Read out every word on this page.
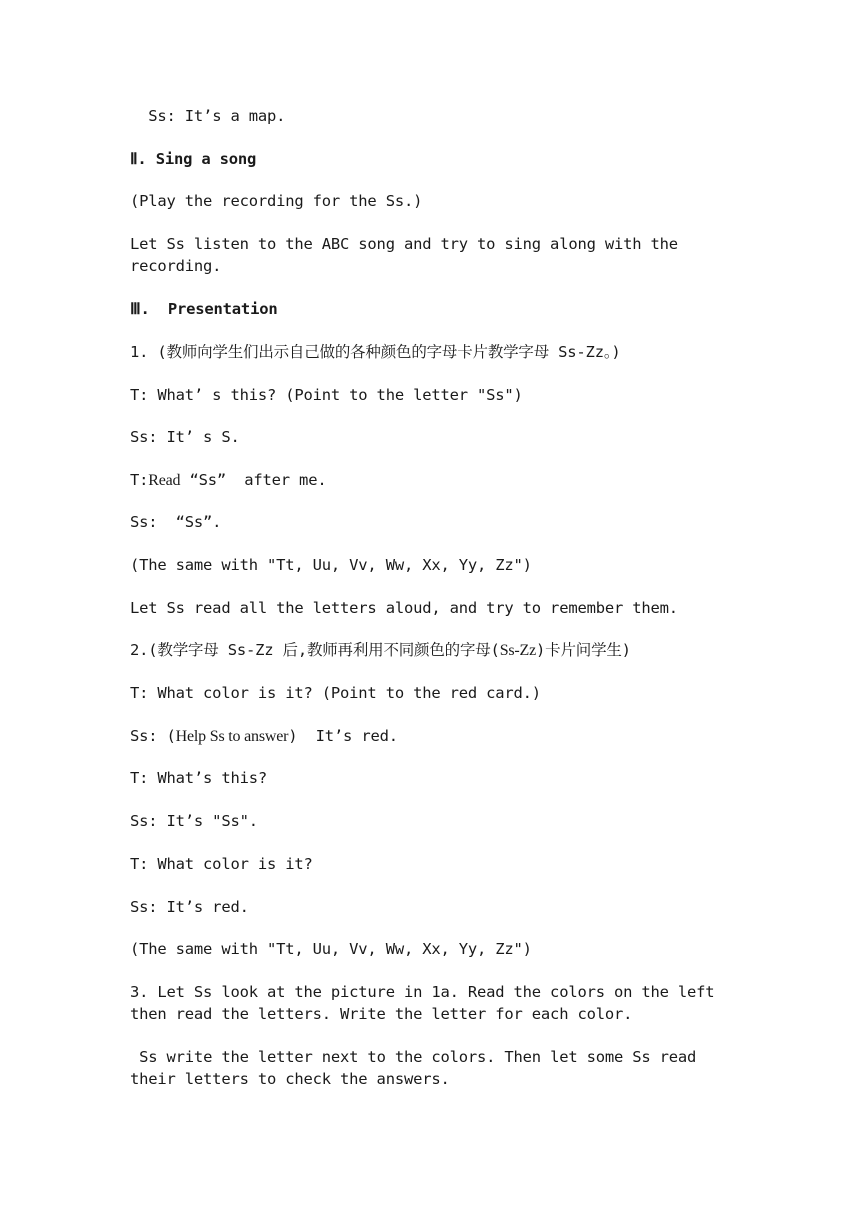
Ss: It’s a map.
Ⅱ. Sing a song
(Play the recording for the Ss.)
Let Ss listen to the ABC song and try to sing along with the recording.
Ⅲ.  Presentation
1. (教师向学生们出示自己做的各种颜色的字母卡片教学字母 Ss-Zz。)
T: What’ s this? (Point to the letter "Ss")
Ss: It’ s S.
T:Read “Ss”  after me.
Ss:  “Ss”.
(The same with "Tt, Uu, Vv, Ww, Xx, Yy, Zz")
Let Ss read all the letters aloud, and try to remember them.
2.(教学字母 Ss-Zz 后,教师再利用不同颜色的字母(Ss-Zz)卡片问学生)
T: What color is it? (Point to the red card.)
Ss: (Help Ss to answer)  It’s red.
T: What’s this?
Ss: It’s "Ss".
T: What color is it?
Ss: It’s red.
(The same with "Tt, Uu, Vv, Ww, Xx, Yy, Zz")
3. Let Ss look at the picture in 1a. Read the colors on the left then read the letters. Write the letter for each color.
Ss write the letter next to the colors. Then let some Ss read their letters to check the answers.
